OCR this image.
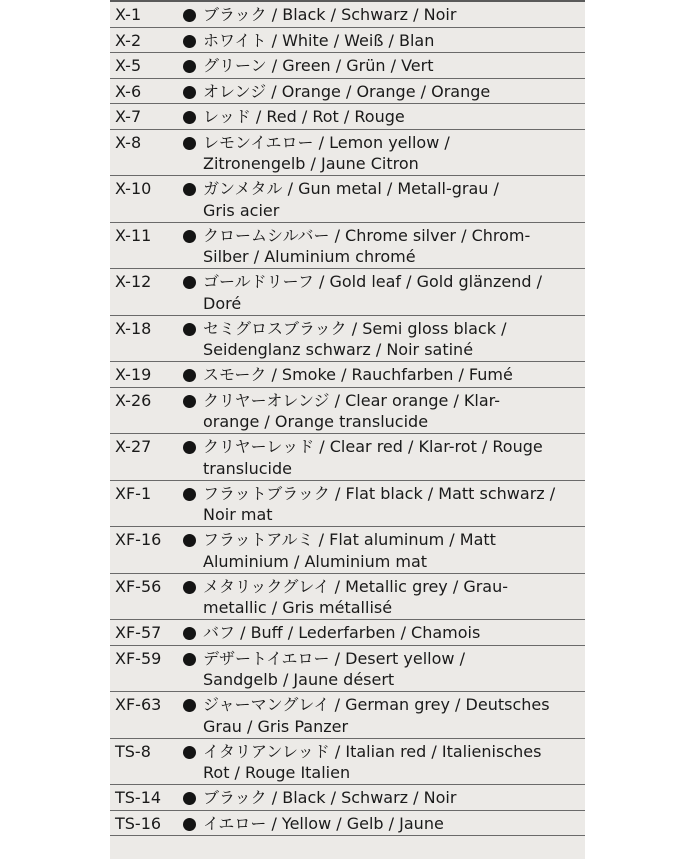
X-1	ブラック / Black / Schwarz / Noir
X-2	ホワイト / White / Weiß / Blan
X-5	グリーン / Green / Grün / Vert
X-6	オレンジ / Orange / Orange / Orange
X-7	レッド / Red / Rot / Rouge
X-8	レモンイエロー / Lemon yellow /
Zitronengelb / Jaune Citron
X-10	ガンメタル / Gun metal / Metall-grau /
Gris acier
X-11	クロームシルバー / Chrome silver / Chrom-
Silber / Aluminium chromé
X-12	ゴールドリーフ / Gold leaf / Gold glänzend /
Doré
X-18	セミグロスブラック / Semi gloss black /
Seidenglanz schwarz / Noir satiné
X-19	スモーク / Smoke / Rauchfarben / Fumé
X-26	クリヤーオレンジ / Clear orange / Klar-
orange / Orange translucide
X-27	クリヤーレッド / Clear red / Klar-rot / Rouge
translucide
XF-1	フラットブラック / Flat black / Matt schwarz /
Noir mat
XF-16	フラットアルミ / Flat aluminum / Matt
Aluminium / Aluminium mat
XF-56	メタリックグレイ / Metallic grey / Grau-
metallic / Gris métallisé
XF-57	バフ / Buff / Lederfarben / Chamois
XF-59	デザートイエロー / Desert yellow /
Sandgelb / Jaune désert
XF-63	ジャーマングレイ / German grey / Deutsches
Grau / Gris Panzer
TS-8	イタリアンレッド / Italian red / Italienisches
Rot / Rouge Italien
TS-14	ブラック / Black / Schwarz / Noir
TS-16	イエロー / Yellow / Gelb / Jaune
